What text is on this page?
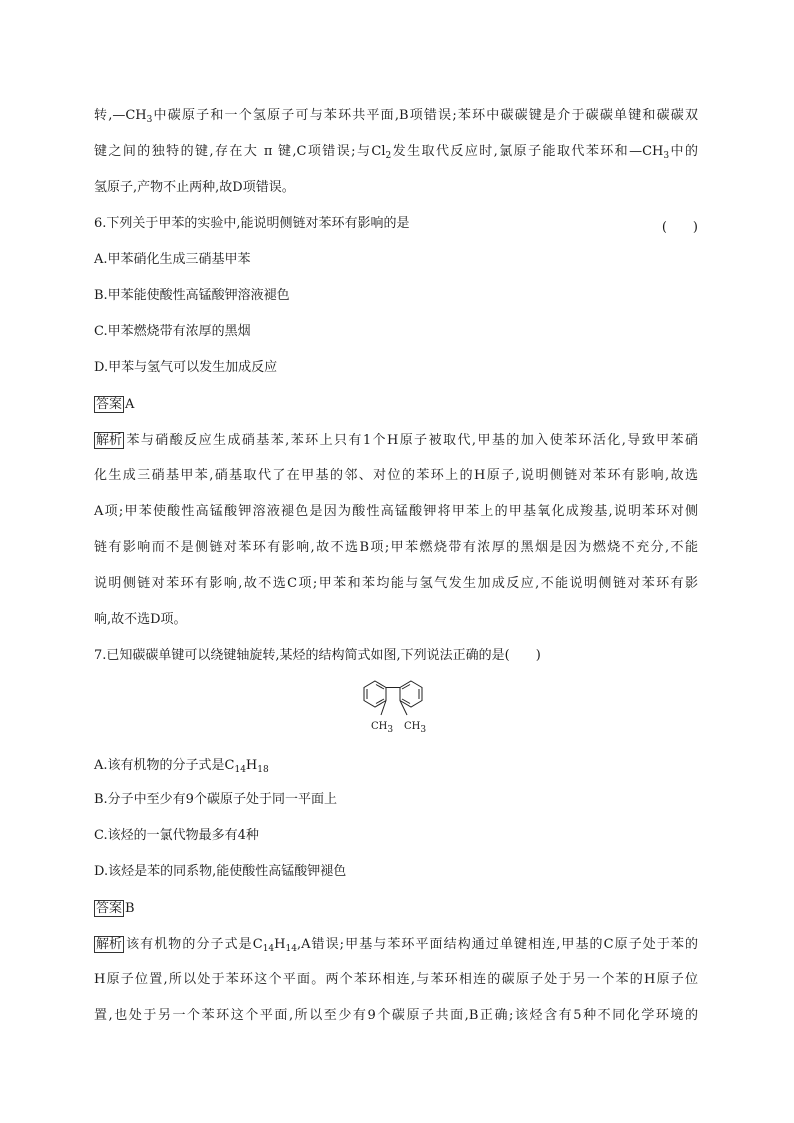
转$,—CH_3$中碳原子和一个氢原子可与苯环共平面,B项错误;苯环中碳碳键是介于碳碳单键和碳碳双
键之间的独特的键,存在大 π 键,C项错误;与$Cl_2$发生取代反应时,氯原子能取代苯环和$—CH_3$中的
氢原子,产物不止两种,故D项错误。
6.下列关于甲苯的实验中,能说明侧链对苯环有影响的是	(　　)
A.甲苯硝化生成三硝基甲苯
B.甲苯能使酸性高锰酸钾溶液褪色
C.甲苯燃烧带有浓厚的黑烟
D.甲苯与氢气可以发生加成反应
答案 A
解析 苯与硝酸反应生成硝基苯,苯环上只有1个H原子被取代,甲基的加入使苯环活化,导致甲苯硝
化生成三硝基甲苯,硝基取代了在甲基的邻、对位的苯环上的H原子,说明侧链对苯环有影响,故选
A项;甲苯使酸性高锰酸钾溶液褪色是因为酸性高锰酸钾将甲苯上的甲基氧化成羧基,说明苯环对侧
链有影响而不是侧链对苯环有影响,故不选B项;甲苯燃烧带有浓厚的黑烟是因为燃烧不充分,不能
说明侧链对苯环有影响,故不选C项;甲苯和苯均能与氢气发生加成反应,不能说明侧链对苯环有影
响,故不选D项。
7.已知碳碳单键可以绕键轴旋转,某烃的结构简式如图,下列说法正确的是(　　)
$CH_3$ $CH_3$
A.该有机物的分子式是$C_{14}H_{18}$
B.分子中至少有9个碳原子处于同一平面上
C.该烃的一氯代物最多有4种
D.该烃是苯的同系物,能使酸性高锰酸钾褪色
答案 B
解析 该有机物的分子式是$C_{14}H_{14},A$错误;甲基与苯环平面结构通过单键相连,甲基的C原子处于苯的
H原子位置,所以处于苯环这个平面。两个苯环相连,与苯环相连的碳原子处于另一个苯的H原子位
置,也处于另一个苯环这个平面,所以至少有9个碳原子共面,B正确;该烃含有5种不同化学环境的
